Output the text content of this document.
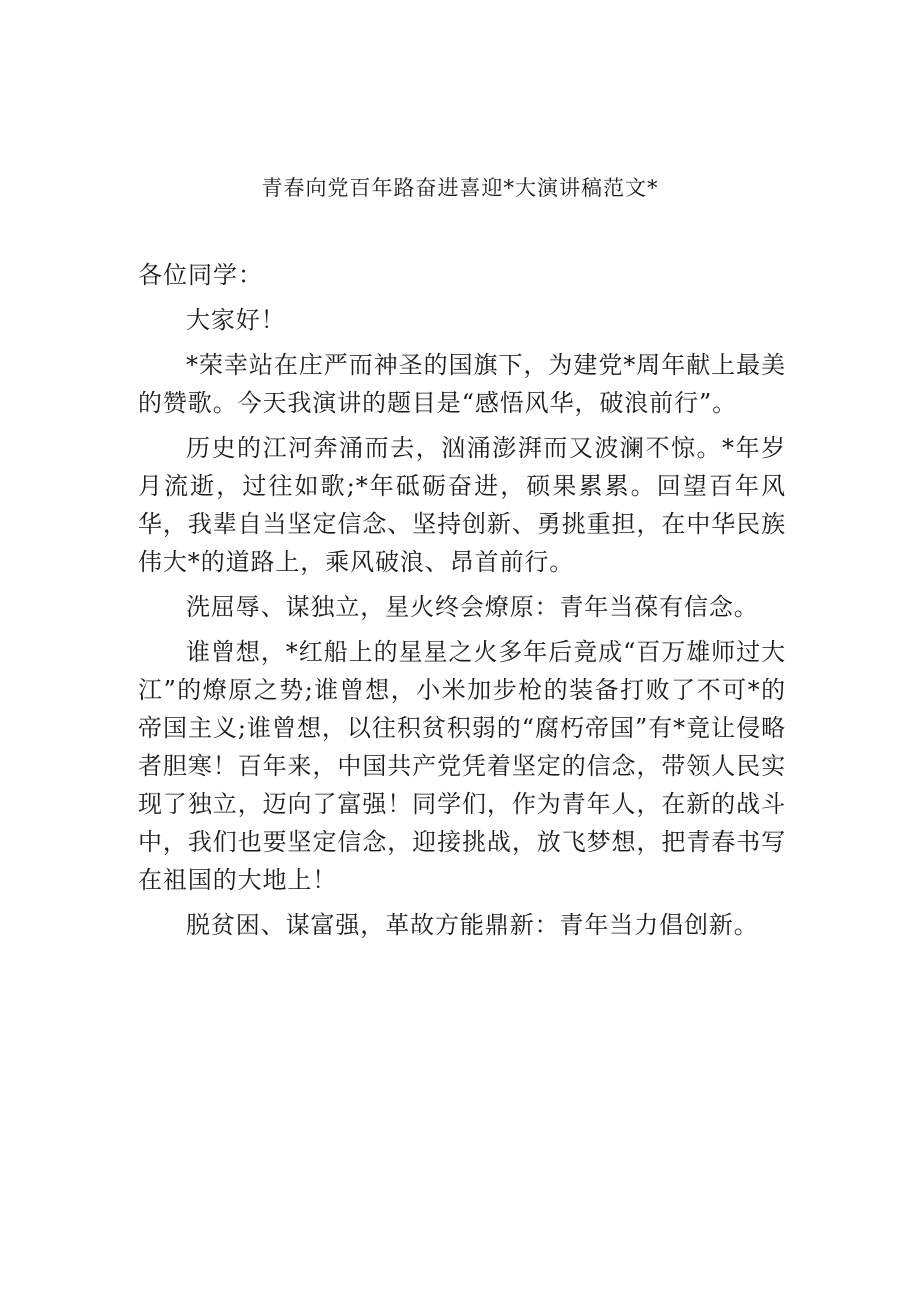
青春向党百年路奋进喜迎*大演讲稿范文*

各位同学：

大家好！

*荣幸站在庄严而神圣的国旗下，为建党*周年献上最美的赞歌。今天我演讲的题目是“感悟风华，破浪前行”。

历史的江河奔涌而去，汹涌澎湃而又波澜不惊。*年岁月流逝，过往如歌;*年砥砺奋进，硕果累累。回望百年风华，我辈自当坚定信念、坚持创新、勇挑重担，在中华民族伟大*的道路上，乘风破浪、昂首前行。

洗屈辱、谋独立，星火终会燎原：青年当葆有信念。

谁曾想，*红船上的星星之火多年后竟成“百万雄师过大江”的燎原之势;谁曾想，小米加步枪的装备打败了不可*的帝国主义;谁曾想，以往积贫积弱的“腐朽帝国”有*竟让侵略者胆寒！百年来，中国共产党凭着坚定的信念，带领人民实现了独立，迈向了富强！同学们，作为青年人，在新的战斗中，我们也要坚定信念，迎接挑战，放飞梦想，把青春书写在祖国的大地上！

脱贫困、谋富强，革故方能鼎新：青年当力倡创新。
